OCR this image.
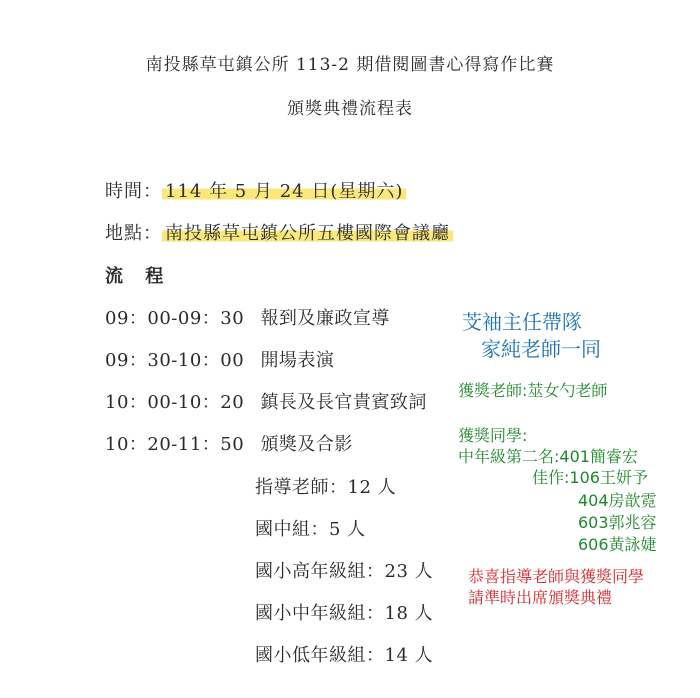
南投縣草屯鎮公所 113-2 期借閱圖書心得寫作比賽
頒獎典禮流程表
時間： 114 年 5 月 24 日(星期六)
地點： 南投縣草屯鎮公所五樓國際會議廳
流 程
09：00-09：30 報到及廉政宣導
09：30-10：00 開場表演
10：00-10：20 鎮長及長官貴賓致詞
10：20-11：50 頒獎及合影
指導老師：12 人
國中組：5 人
國小高年級組：23 人
國小中年級組：18 人
國小低年級組：14 人
芠袖主任帶隊
家純老師一同
獲獎老師:莁女勺老師
獲獎同學:
中年級第二名:401簡睿宏
佳作:106王妍予
404房歆霓
603郭兆容
606黃詠婕
恭喜指導老師與獲獎同學
請準時出席頒獎典禮
